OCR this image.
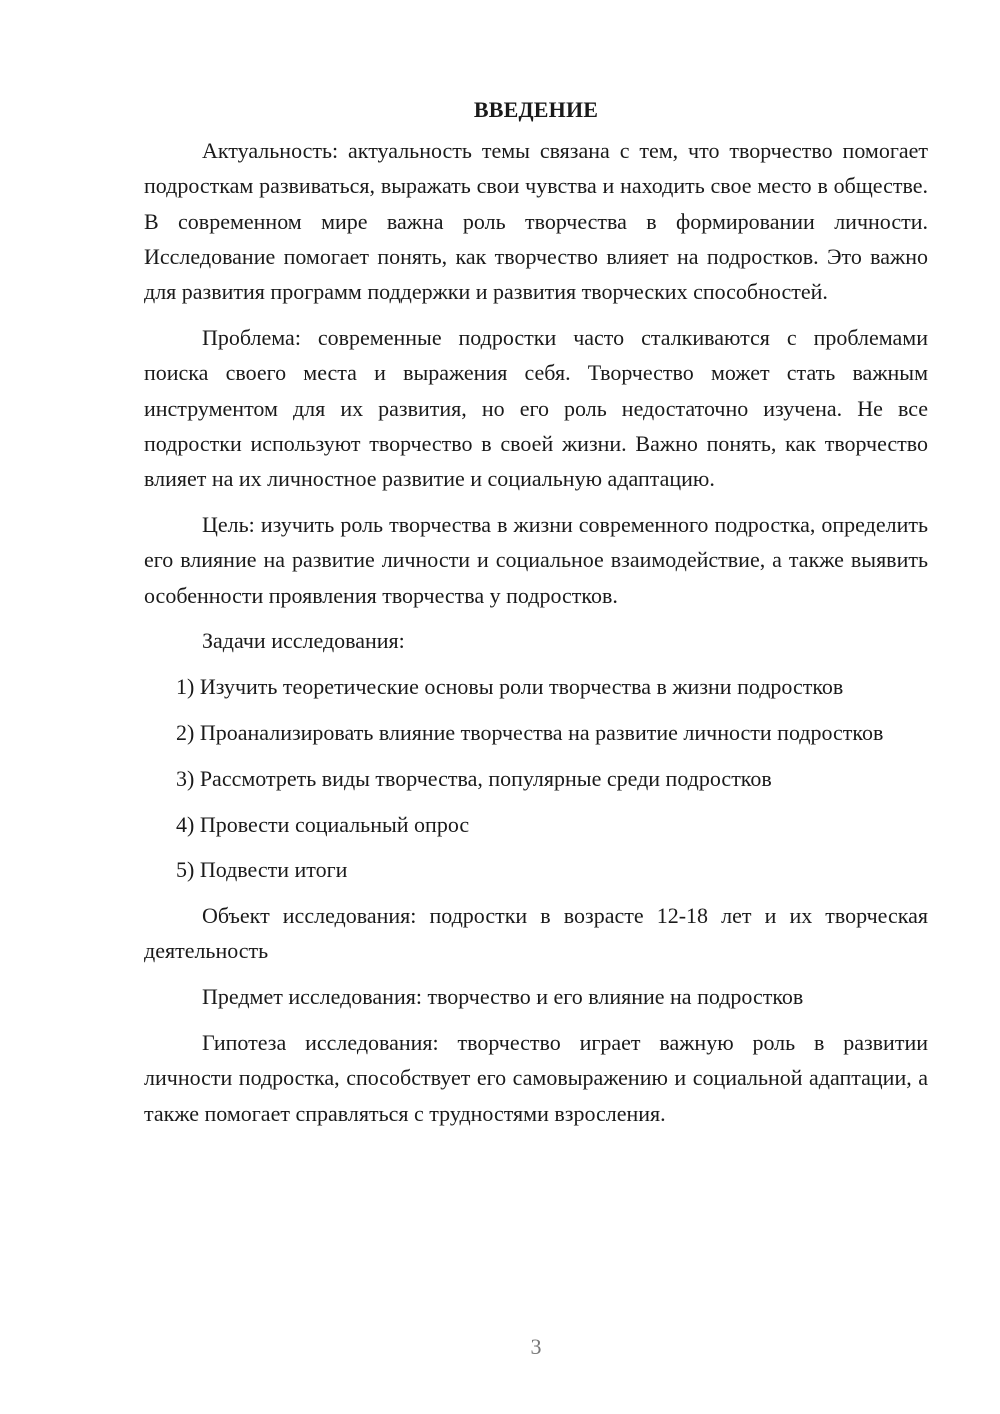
ВВЕДЕНИЕ

Актуальность: актуальность темы связана с тем, что творчество помогает подросткам развиваться, выражать свои чувства и находить свое место в обществе. В современном мире важна роль творчества в формировании личности. Исследование помогает понять, как творчество влияет на подростков. Это важно для развития программ поддержки и развития творческих способностей.

Проблема: современные подростки часто сталкиваются с проблемами поиска своего места и выражения себя. Творчество может стать важным инструментом для их развития, но его роль недостаточно изучена. Не все подростки используют творчество в своей жизни. Важно понять, как творчество влияет на их личностное развитие и социальную адаптацию.

Цель: изучить роль творчества в жизни современного подростка, определить его влияние на развитие личности и социальное взаимодействие, а также выявить особенности проявления творчества у подростков.

Задачи исследования:

1) Изучить теоретические основы роли творчества в жизни подростков

2) Проанализировать влияние творчества на развитие личности подростков

3) Рассмотреть виды творчества, популярные среди подростков

4) Провести социальный опрос

5) Подвести итоги

Объект исследования: подростки в возрасте 12-18 лет и их творческая деятельность

Предмет исследования: творчество и его влияние на подростков

Гипотеза исследования: творчество играет важную роль в развитии личности подростка, способствует его самовыражению и социальной адаптации, а также помогает справляться с трудностями взросления.

3
